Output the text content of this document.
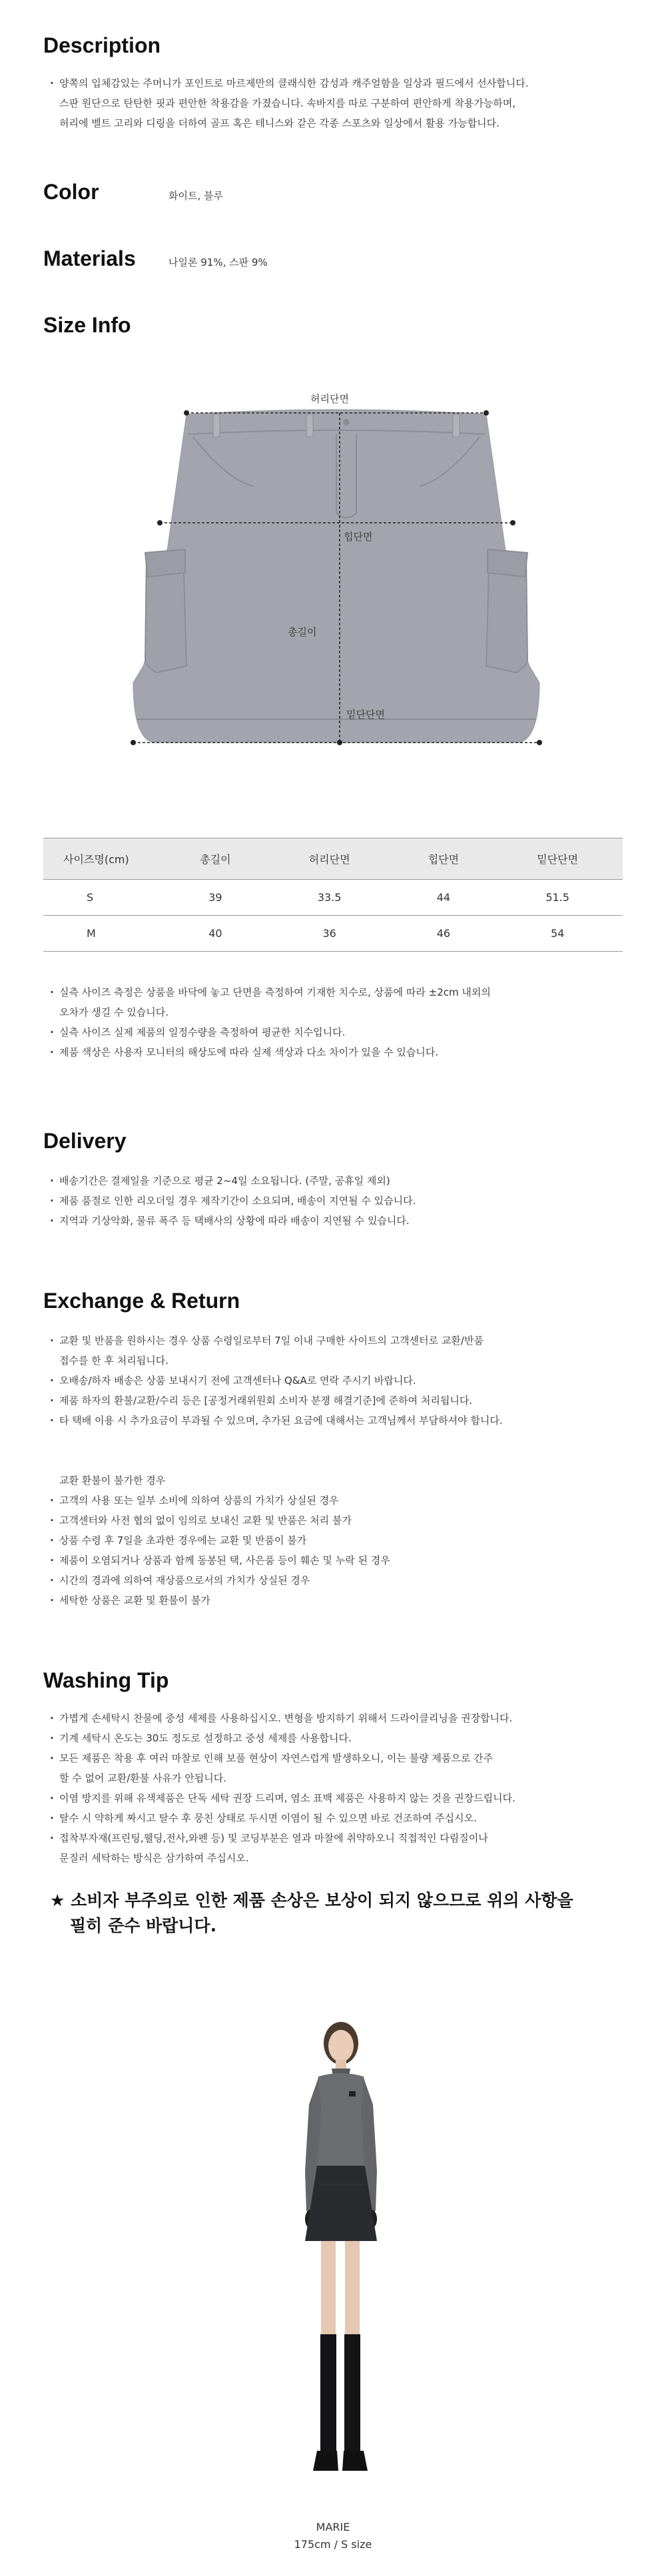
Description
· 양쪽의 입체감있는 주머니가 포인트로 마르제만의 클래식한 감성과 캐주얼함을 일상과 필드에서 선사합니다.
스판 원단으로 탄탄한 핏과 편안한 착용감을 가졌습니다. 속바지를 따로 구분하여 편안하게 착용가능하며,
허리에 벨트 고리와 디링을 더하여 골프 혹은 테니스와 같은 각종 스포츠와 일상에서 활용 가능합니다.
Color	화이트, 블루
Materials	나일론 91%, 스판 9%
Size Info
허리단면
힙단면
총길이
밑단단면
사이즈명(cm)	총길이	허리단면	힙단면	밑단단면
S	39	33.5	44	51.5
M	40	36	46	54
· 실측 사이즈 측정은 상품을 바닥에 놓고 단면을 측정하여 기재한 치수로, 상품에 따라 ±2cm 내외의
오차가 생길 수 있습니다.
· 실측 사이즈 실제 제품의 일정수량을 측정하여 평균한 치수입니다.
· 제품 색상은 사용자 모니터의 해상도에 따라 실제 색상과 다소 차이가 있을 수 있습니다.
Delivery
· 배송기간은 결제일을 기준으로 평균 2~4일 소요됩니다. (주말, 공휴일 제외)
· 제품 품절로 인한 리오더일 경우 제작기간이 소요되며, 배송이 지연될 수 있습니다.
· 지역과 기상악화, 물류 폭주 등 택배사의 상황에 따라 배송이 지연될 수 있습니다.
Exchange & Return
· 교환 및 반품을 원하시는 경우 상품 수령일로부터 7일 이내 구매한 사이트의 고객센터로 교환/반품
접수를 한 후 처리됩니다.
· 오배송/하자 배송은 상품 보내시기 전에 고객센터나 Q&A로 연락 주시기 바랍니다.
· 제품 하자의 환불/교환/수리 등은 [공정거래위원회 소비자 분쟁 해결기준]에 준하여 처리됩니다.
· 타 택배 이용 시 추가요금이 부과될 수 있으며, 추가된 요금에 대해서는 고객님께서 부담하셔야 합니다.
교환 환불이 불가한 경우
· 고객의 사용 또는 일부 소비에 의하여 상품의 가치가 상실된 경우
· 고객센터와 사전 협의 없이 임의로 보내신 교환 및 반품은 처리 불가
· 상품 수령 후 7일을 초과한 경우에는 교환 및 반품이 불가
· 제품이 오염되거나 상품과 함께 동봉된 택, 사은품 등이 훼손 및 누락 된 경우
· 시간의 경과에 의하여 재상품으로서의 가치가 상실된 경우
· 세탁한 상품은 교환 및 환불이 불가
Washing Tip
· 가볍게 손세탁시 찬물에 중성 세제를 사용하십시오. 변형을 방지하기 위해서 드라이클리닝을 권장합니다.
· 기계 세탁시 온도는 30도 정도로 설정하고 중성 세제를 사용합니다.
· 모든 제품은 착용 후 여러 마찰로 인해 보풀 현상이 자연스럽게 발생하오니, 이는 불량 제품으로 간주
할 수 없어 교환/환불 사유가 안됩니다.
· 이염 방지를 위해 유색제품은 단독 세탁 권장 드리며, 염소 표백 제품은 사용하지 않는 것을 권장드립니다.
· 탈수 시 약하게 짜시고 탈수 후 뭉친 상태로 두시면 이염이 될 수 있으면 바로 건조하여 주십시오.
· 접착부자재(프린팅,웰딩,전사,와펜 등) 및 코딩부분은 열과 마찰에 취약하오니 직접적인 다림질이나
문질러 세탁하는 방식은 삼가하여 주십시오.
★ 소비자 부주의로 인한 제품 손상은 보상이 되지 않으므로 위의 사항을
필히 준수 바랍니다.
MARIE
175cm / S size
